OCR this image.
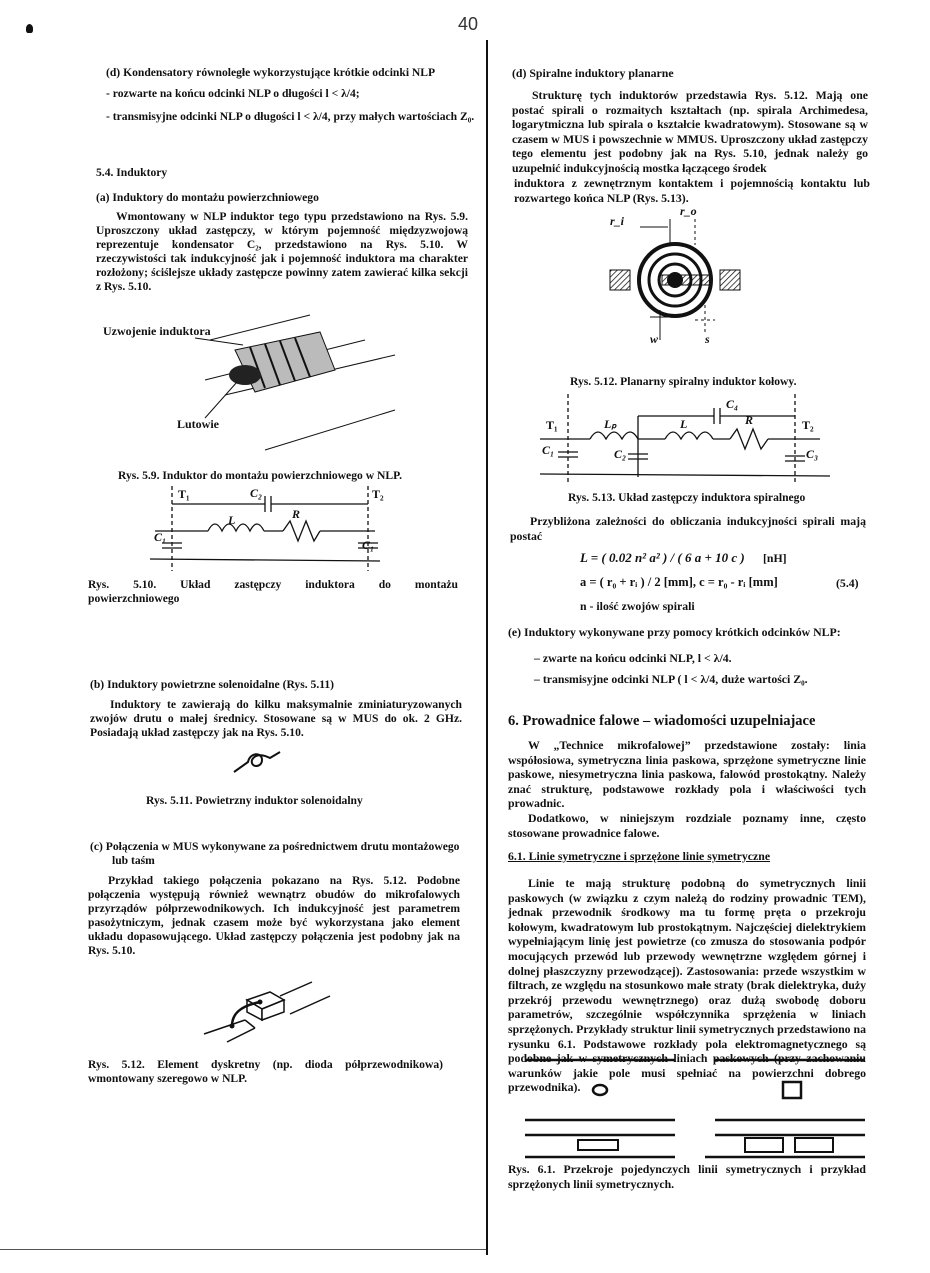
40
(d) Kondensatory równoległe wykorzystujące krótkie odcinki NLP
- rozwarte na końcu odcinki NLP o długości l < λ/4;
- transmisyjne odcinki NLP o długości l < λ/4, przy małych wartościach Z₀.
5.4. Induktory
(a) Induktory do montażu powierzchniowego
Wmontowany w NLP induktor tego typu przedstawiono na Rys. 5.9. Uproszczony układ zastępczy, w którym pojemność międzyzwojową reprezentuje kondensator C₂, przedstawiono na Rys. 5.10. W rzeczywistości tak indukcyjność jak i pojemność induktora ma charakter rozłożony; ściślejsze układy zastępcze powinny zatem zawierać kilka sekcji z Rys. 5.10.
Uzwojenie induktora
Lutowie
Rys. 5.9. Induktor do montażu powierzchniowego w NLP.
T₁	T₂
C₂
L	R
C₁
C₁
Rys. 5.10. Układ zastępczy induktora do montażu powierzchniowego
(b) Induktory powietrzne solenoidalne (Rys. 5.11)
Induktory te zawierają do kilku maksymalnie zminiaturyzowanych zwojów drutu o małej średnicy. Stosowane są w MUS do ok. 2 GHz. Posiadają układ zastępczy jak na Rys. 5.10.
Rys. 5.11. Powietrzny induktor solenoidalny
(c) Połączenia w MUS wykonywane za pośrednictwem drutu montażowego lub taśm
Przykład takiego połączenia pokazano na Rys. 5.12. Podobne połączenia występują również wewnątrz obudów do mikrofalowych przyrządów półprzewodnikowych. Ich indukcyjność jest parametrem pasożytniczym, jednak czasem może być wykorzystana jako element układu dopasowującego. Układ zastępczy połączenia jest podobny jak na Rys. 5.10.
Rys. 5.12. Element dyskretny (np. dioda półprzewodnikowa) wmontowany szeregowo w NLP.
(d) Spiralne induktory planarne
Strukturę tych induktorów przedstawia Rys. 5.12. Mają one postać spirali o rozmaitych kształtach (np. spirala Archimedesa, logarytmiczna lub spirala o kształcie kwadratowym). Stosowane są w czasem w MUS i powszechnie w MMUS. Uproszczony układ zastępczy tego elementu jest podobny jak na Rys. 5.10, jednak należy go uzupełnić indukcyjnością mostka łączącego środek
induktora z zewnętrznym kontaktem i pojemnością kontaktu lub rozwartego końca NLP (Rys. 5.13).
r_i
r_o
w	s
Rys. 5.12. Planarny spiralny induktor kołowy.
T₁	T₂
C₁	C₂	C₃
C₄
Lₚ	L	R
Rys. 5.13. Układ zastępczy induktora spiralnego
Przybliżona zależności do obliczania indukcyjności spirali mają postać
L = ( 0.02 n² a² ) / ( 6 a + 10 c ) [nH]
a = ( r₀ + rᵢ ) / 2 [mm], c = r₀ - rᵢ [mm]	(5.4)
n - ilość zwojów spirali
(e) Induktory wykonywane przy pomocy krótkich odcinków NLP:
– zwarte na końcu odcinki NLP, l < λ/4.
– transmisyjne odcinki NLP ( l < λ/4, duże wartości Z₀.
6. Prowadnice falowe – wiadomości uzupelniajace
W „Technice mikrofalowej” przedstawione zostały: linia współosiowa, symetryczna linia paskowa, sprzężone symetryczne linie paskowe, niesymetryczna linia paskowa, falowód prostokątny. Należy znać strukturę, podstawowe rozkłady pola i właściwości tych prowadnic.
Dodatkowo, w niniejszym rozdziale poznamy inne, często stosowane prowadnice falowe.
6.1. Linie symetryczne i sprzężone linie symetryczne
Linie te mają strukturę podobną do symetrycznych linii paskowych (w związku z czym należą do rodziny prowadnic TEM), jednak przewodnik środkowy ma tu formę pręta o przekroju kołowym, kwadratowym lub prostokątnym. Najczęściej dielektrykiem wypełniającym linię jest powietrze (co zmusza do stosowania podpór mocujących przewód lub przewody wewnętrzne względem górnej i dolnej płaszczyzny przewodzącej). Zastosowania: przede wszystkim w filtrach, ze względu na stosunkowo małe straty (brak dielektryka, duży przekrój przewodu wewnętrznego) oraz dużą swobodę doboru parametrów, szczególnie współczynnika sprzężenia w liniach sprzężonych. Przykłady struktur linii symetrycznych przedstawiono na rysunku 6.1. Podstawowe rozkłady pola elektromagnetycznego są podobne jak w symetrycznych liniach paskowych (przy zachowaniu warunków jakie pole musi spełniać na powierzchni dobrego przewodnika).
Rys. 6.1. Przekroje pojedynczych linii symetrycznych i przykład sprzężonych linii symetrycznych.
